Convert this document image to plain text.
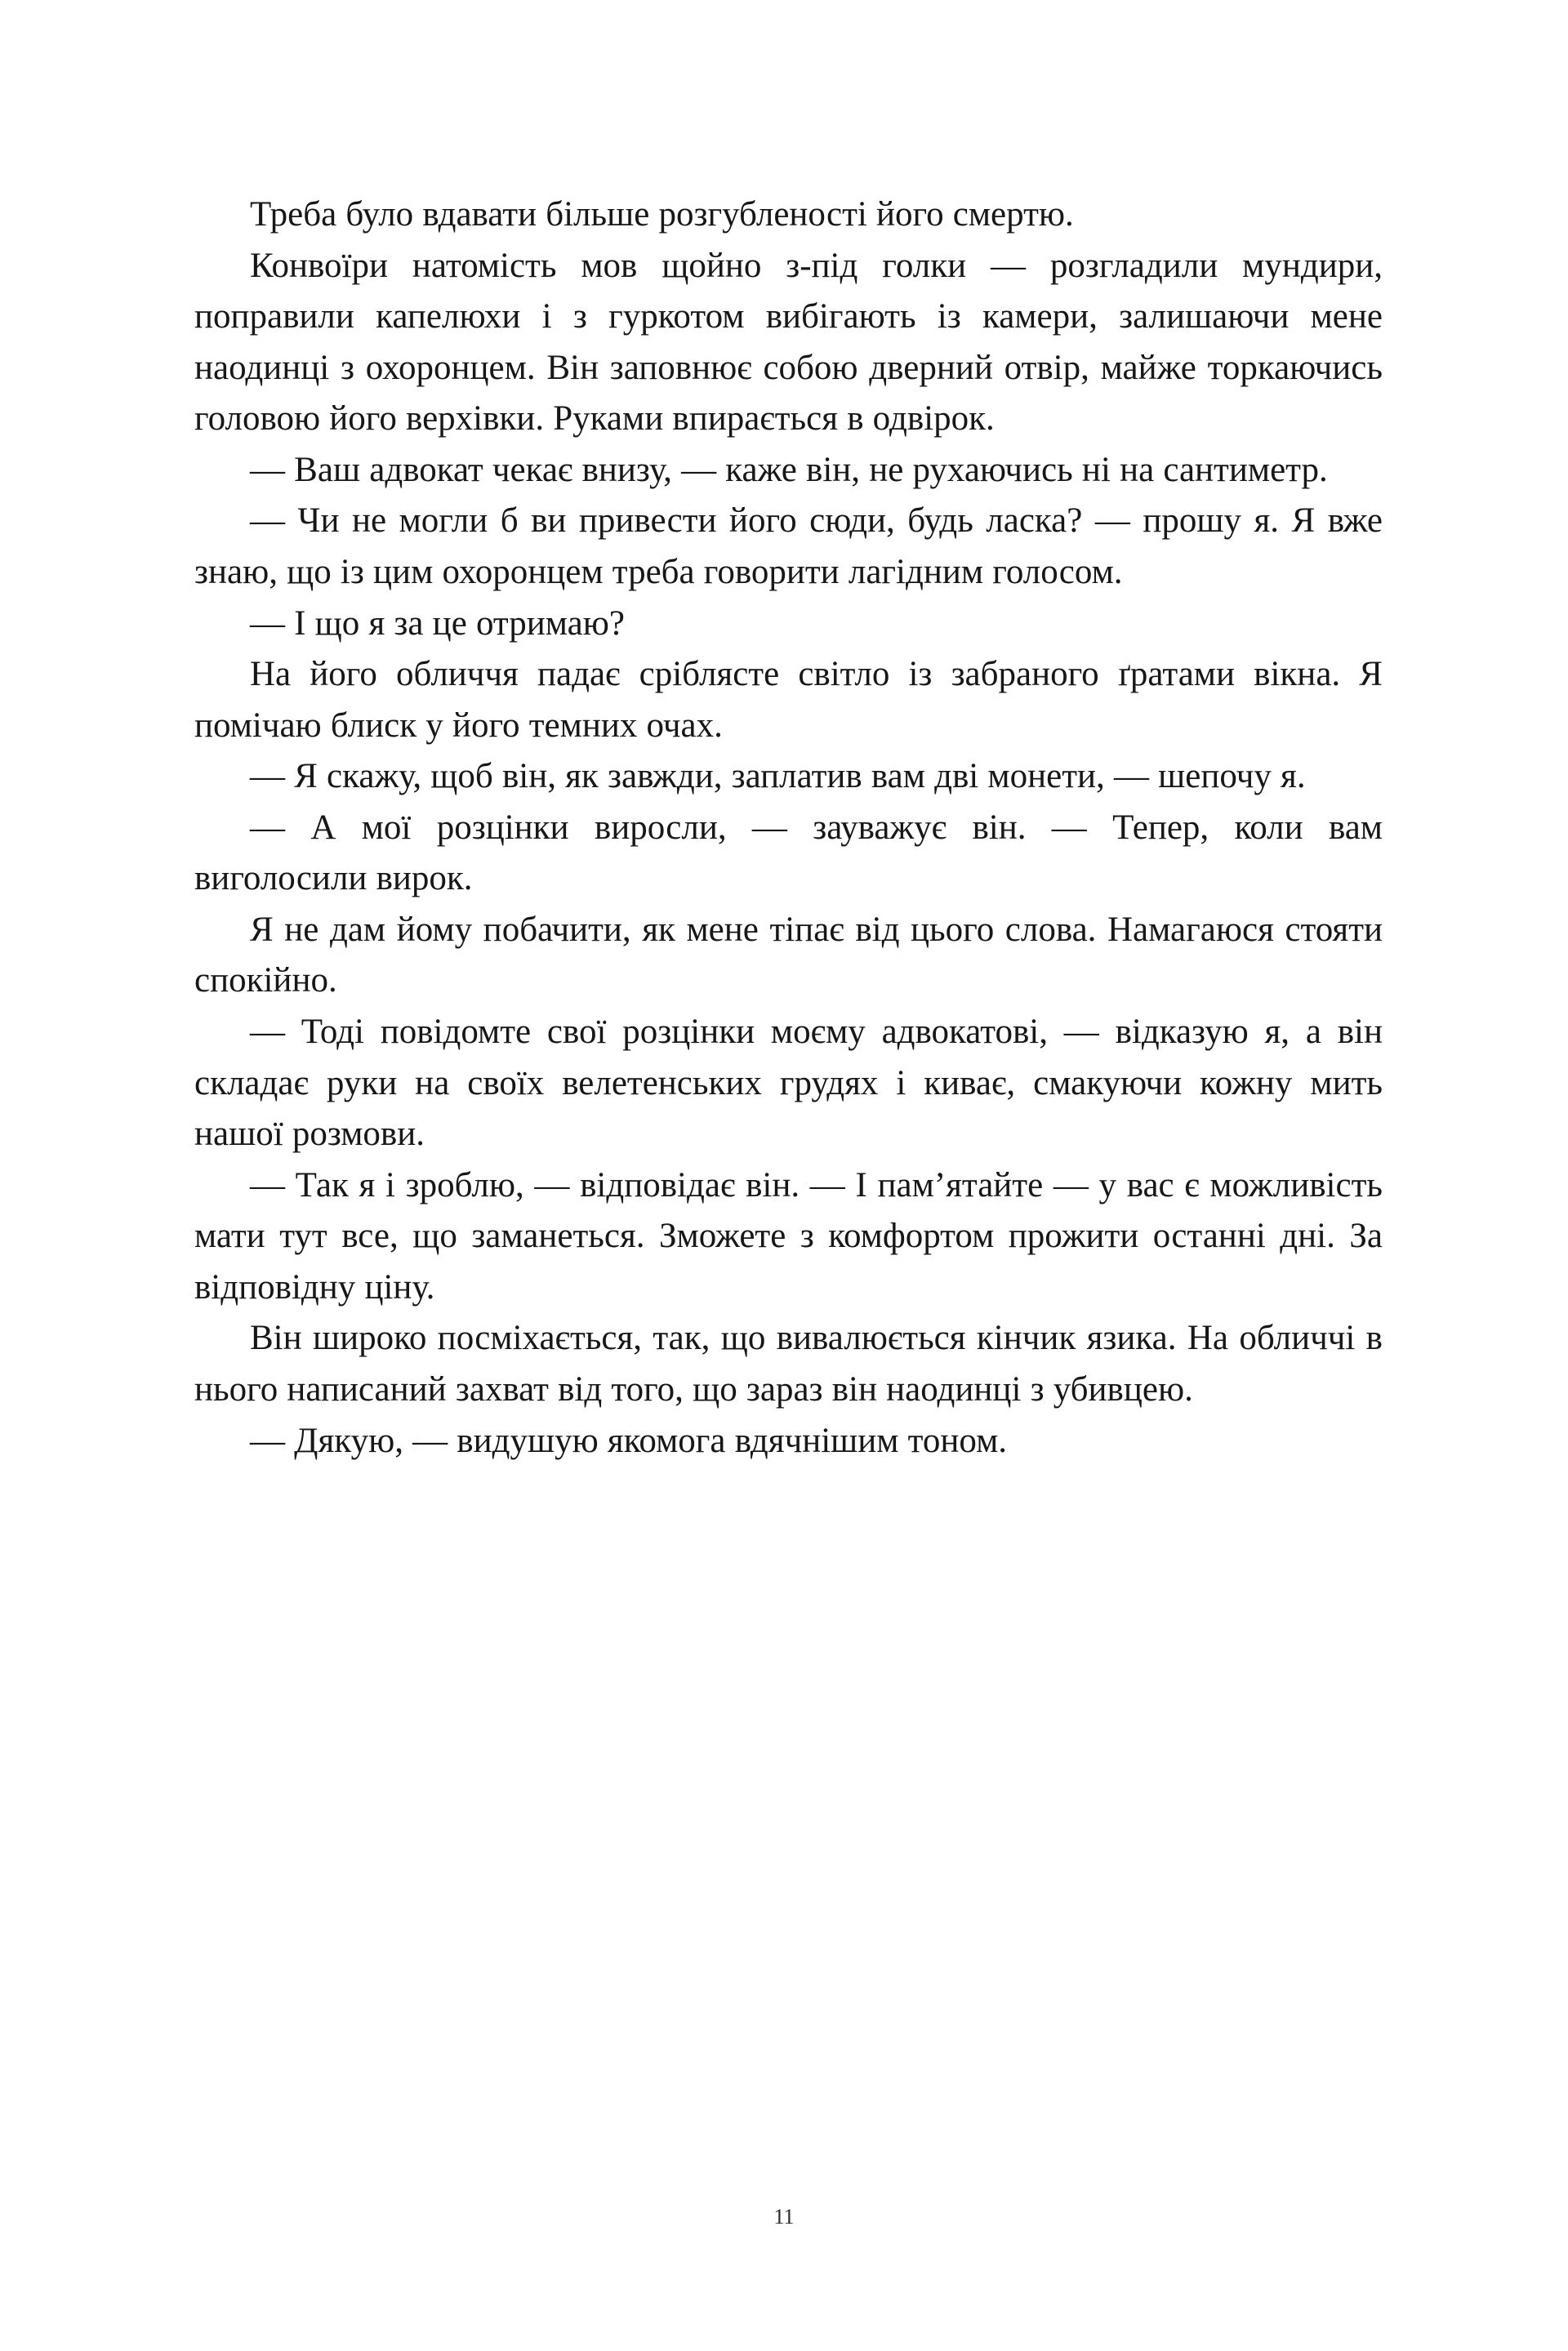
Треба було вдавати більше розгубленості його смертю.

Конвоїри натомість мов щойно з-під голки — розгладили мундири, поправили капелюхи і з гуркотом вибігають із камери, залишаючи мене наодинці з охоронцем. Він заповнює собою дверний отвір, майже торкаючись головою його верхівки. Руками впирається в одвірок.

— Ваш адвокат чекає внизу, — каже він, не рухаючись ні на сантиметр.

— Чи не могли б ви привести його сюди, будь ласка? — прошу я. Я вже знаю, що із цим охоронцем треба говорити лагідним голосом.

— І що я за це отримаю?

На його обличчя падає сріблясте світло із забраного ґратами вікна. Я помічаю блиск у його темних очах.

— Я скажу, щоб він, як завжди, заплатив вам дві монети, — шепочу я.

— А мої розцінки виросли, — зауважує він. — Тепер, коли вам виголосили вирок.

Я не дам йому побачити, як мене тіпає від цього слова. Намагаюся стояти спокійно.

— Тоді повідомте свої розцінки моєму адвокатові, — відказую я, а він складає руки на своїх велетенських грудях і киває, смакуючи кожну мить нашої розмови.

— Так я і зроблю, — відповідає він. — І пам’ятайте — у вас є можливість мати тут все, що заманеться. Зможете з комфортом прожити останні дні. За відповідну ціну.

Він широко посміхається, так, що вивалюється кінчик язика. На обличчі в нього написаний захват від того, що зараз він наодинці з убивцею.

— Дякую, — видушую якомога вдячнішим тоном.

11
